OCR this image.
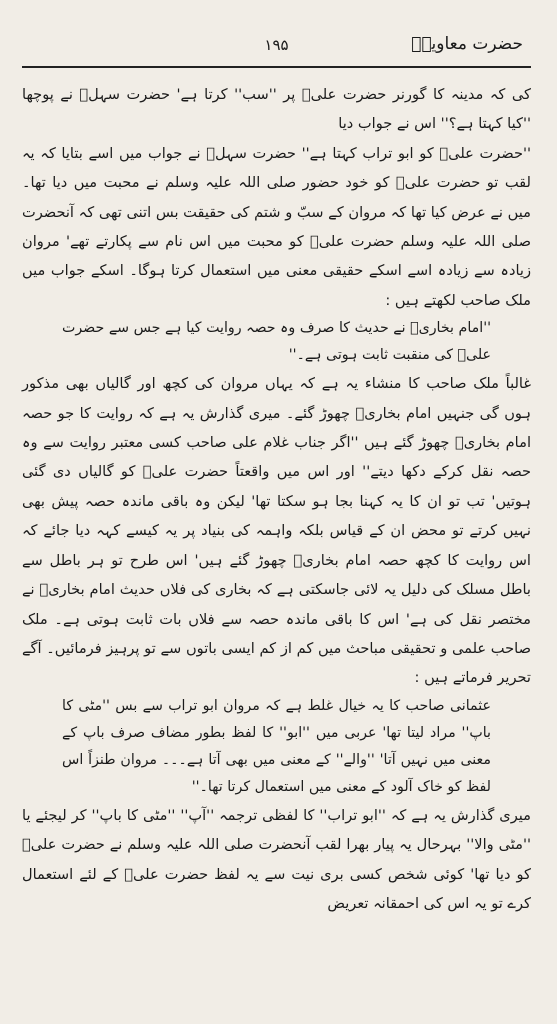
حضرت معاویہؓ
۱۹۵

کی کہ مدینہ کا گورنر حضرت علیؓ پر ''سب'' کرتا ہے' حضرت سہلؓ نے پوچھا ''کیا کہتا ہے؟'' اس نے جواب دیا

''حضرت علیؓ کو ابو تراب کہتا ہے'' حضرت سہلؓ نے جواب میں اسے بتایا کہ یہ لقب تو حضرت علیؓ کو خود حضور صلی اللہ علیہ وسلم نے محبت میں دیا تھا۔ میں نے عرض کیا تھا کہ مروان کے سبّ و شتم کی حقیقت بس اتنی تھی کہ آنحضرت صلی اللہ علیہ وسلم حضرت علیؓ کو محبت میں اس نام سے پکارتے تھے' مروان زیادہ سے زیادہ اسے اسکے حقیقی معنی میں استعمال کرتا ہوگا۔ اسکے جواب میں ملک صاحب لکھتے ہیں :

''امام بخاریؒ نے حدیث کا صرف وہ حصہ روایت کیا ہے جس سے حضرت علیؓ کی منقبت ثابت ہوتی ہے۔''

غالباً ملک صاحب کا منشاء یہ ہے کہ یہاں مروان کی کچھ اور گالیاں بھی مذکور ہوں گی جنہیں امام بخاریؒ چھوڑ گئے۔ میری گذارش یہ ہے کہ روایت کا جو حصہ امام بخاریؒ چھوڑ گئے ہیں ''اگر جناب غلام علی صاحب کسی معتبر روایت سے وہ حصہ نقل کرکے دکھا دیتے'' اور اس میں واقعتاً حضرت علیؓ کو گالیاں دی گئی ہوتیں' تب تو ان کا یہ کہنا بجا ہو سکتا تھا' لیکن وہ باقی ماندہ حصہ پیش بھی نہیں کرتے تو محض ان کے قیاس بلکہ واہمہ کی بنیاد پر یہ کیسے کہہ دیا جائے کہ اس روایت کا کچھ حصہ امام بخاریؒ چھوڑ گئے ہیں' اس طرح تو ہر باطل سے باطل مسلک کی دلیل یہ لائی جاسکتی ہے کہ بخاری کی فلاں حدیث امام بخاریؒ نے مختصر نقل کی ہے' اس کا باقی ماندہ حصہ سے فلاں بات ثابت ہوتی ہے۔ ملک صاحب علمی و تحقیقی مباحث میں کم از کم ایسی باتوں سے تو پرہیز فرمائیں۔ آگے تحریر فرماتے ہیں :

عثمانی صاحب کا یہ خیال غلط ہے کہ مروان ابو تراب سے بس ''مٹی کا باپ'' مراد لیتا تھا' عربی میں ''ابو'' کا لفظ بطور مضاف صرف باپ کے معنی میں نہیں آتا' ''والے'' کے معنی میں بھی آتا ہے۔۔۔ مروان طنزاً اس لفظ کو خاک آلود کے معنی میں استعمال کرتا تھا۔''

میری گذارش یہ ہے کہ ''ابو تراب'' کا لفظی ترجمہ ''آپ'' ''مٹی کا باپ'' کر لیجئے یا ''مٹی والا'' بہرحال یہ پیار بھرا لقب آنحضرت صلی اللہ علیہ وسلم نے حضرت علیؓ کو دیا تھا' کوئی شخص کسی بری نیت سے یہ لفظ حضرت علیؓ کے لئے استعمال کرے تو یہ اس کی احمقانہ تعریض
